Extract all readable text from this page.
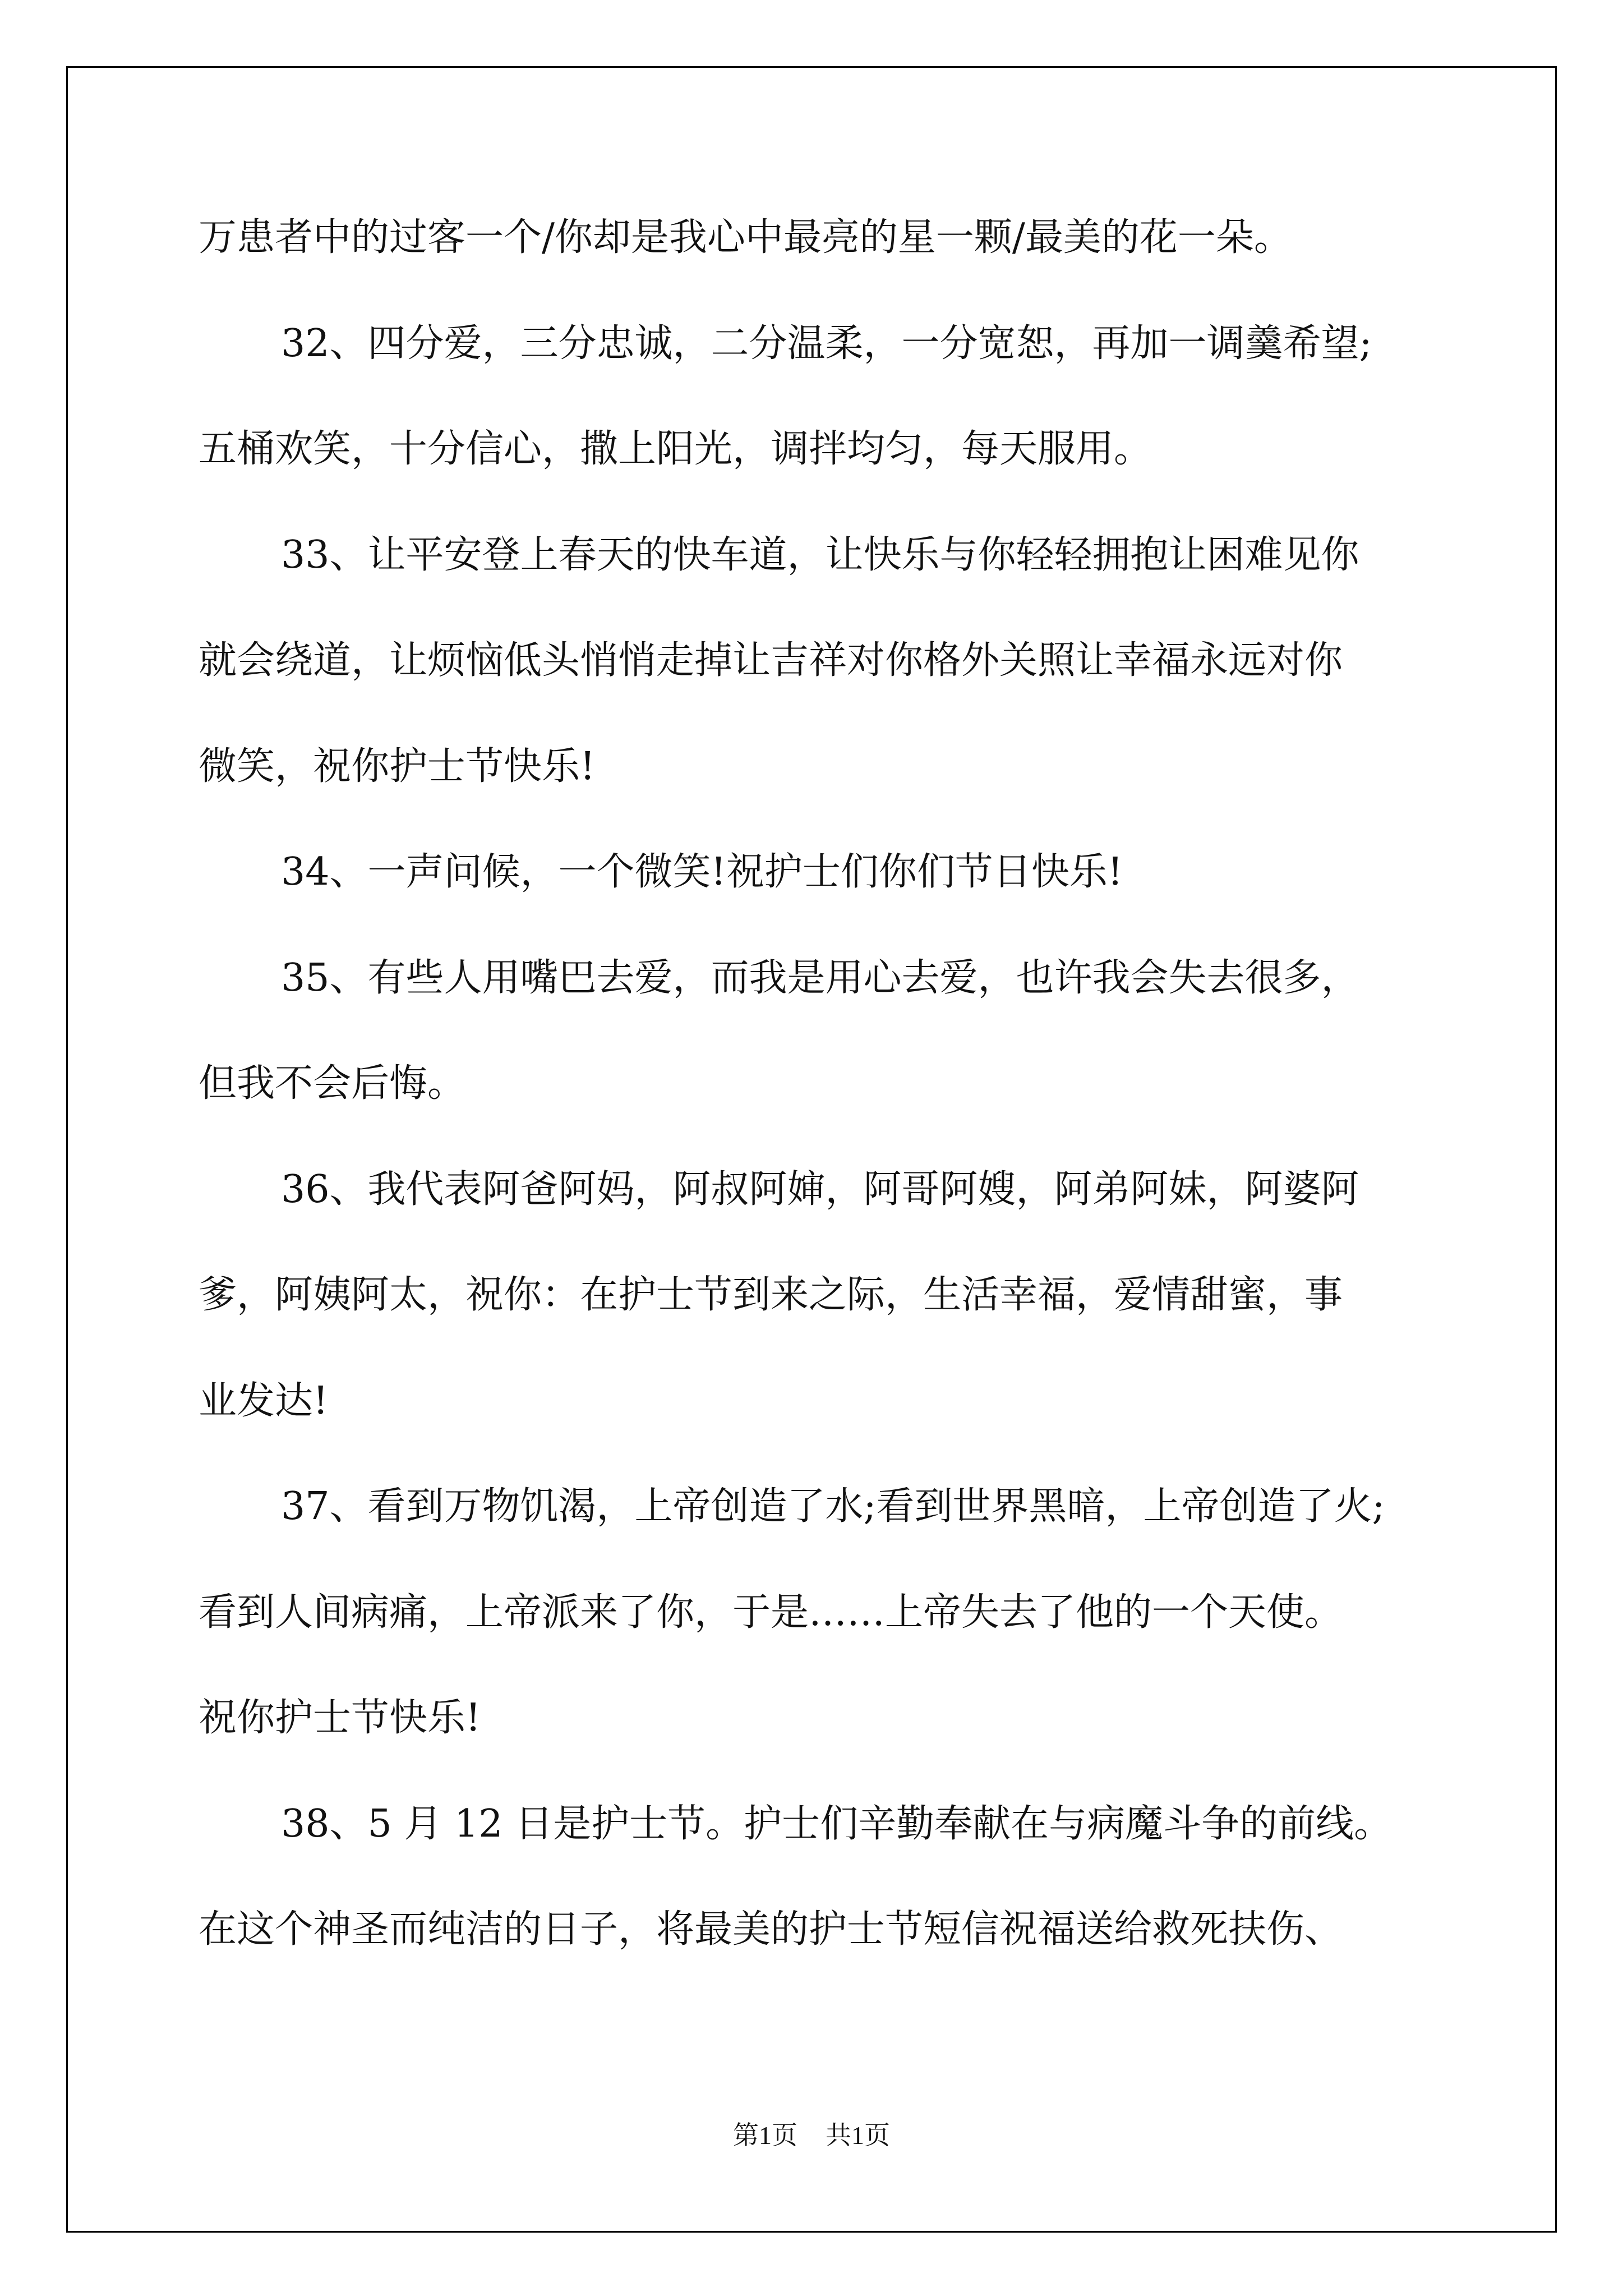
万患者中的过客一个/你却是我心中最亮的星一颗/最美的花一朵。
32、四分爱，三分忠诚，二分温柔，一分宽恕，再加一调羹希望;
五桶欢笑，十分信心，撒上阳光，调拌均匀，每天服用。
33、让平安登上春天的快车道，让快乐与你轻轻拥抱让困难见你
就会绕道，让烦恼低头悄悄走掉让吉祥对你格外关照让幸福永远对你
微笑，祝你护士节快乐!
34、一声问候，一个微笑!祝护士们你们节日快乐!
35、有些人用嘴巴去爱，而我是用心去爱，也许我会失去很多，
但我不会后悔。
36、我代表阿爸阿妈，阿叔阿婶，阿哥阿嫂，阿弟阿妹，阿婆阿
爹，阿姨阿太，祝你：在护士节到来之际，生活幸福，爱情甜蜜，事
业发达!
37、看到万物饥渴，上帝创造了水;看到世界黑暗，上帝创造了火;
看到人间病痛，上帝派来了你，于是……上帝失去了他的一个天使。
祝你护士节快乐!
38、5 月 12 日是护士节。护士们辛勤奉献在与病魔斗争的前线。
在这个神圣而纯洁的日子，将最美的护士节短信祝福送给救死扶伤、
第1页 共1页
